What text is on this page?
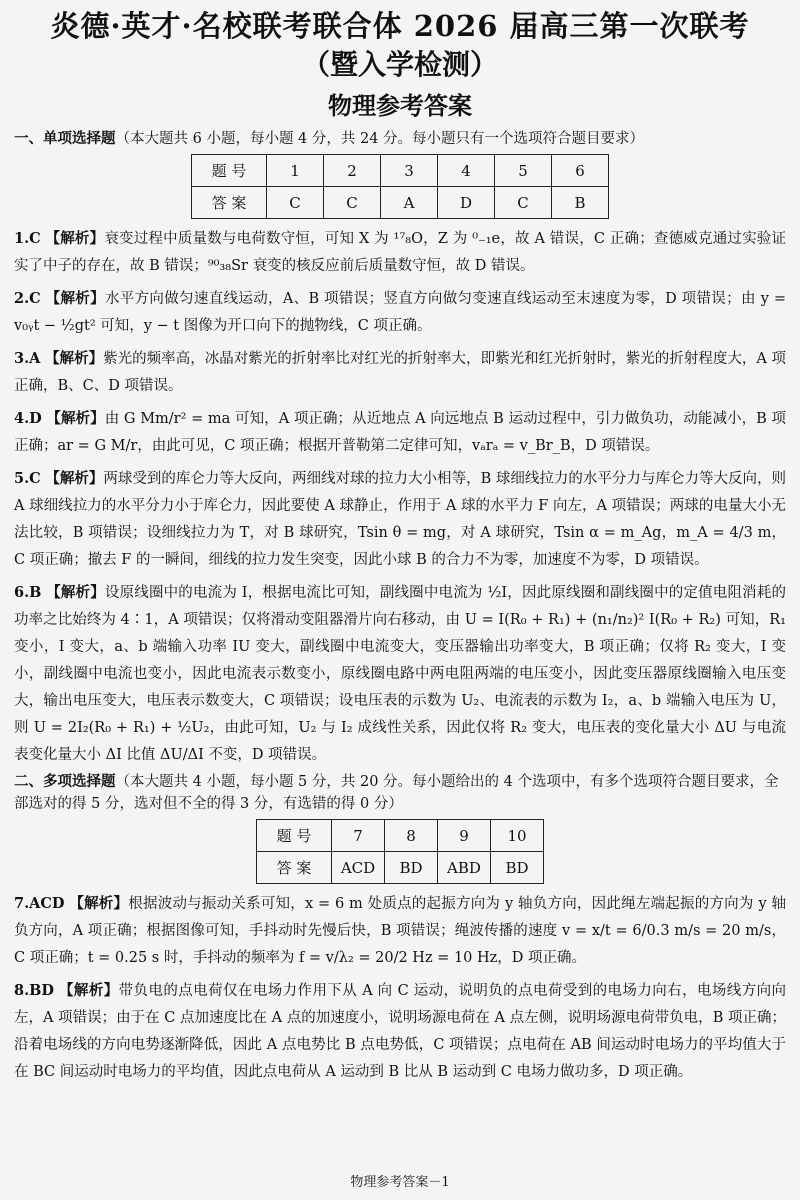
炎德·英才·名校联考联合体 2026 届高三第一次联考
（暨入学检测）
物理参考答案
一、单项选择题（本大题共 6 小题，每小题 4 分，共 24 分。每小题只有一个选项符合题目要求）
题 号	1	2	3	4	5	6
答 案	C	C	A	D	C	B

1.C 【解析】衰变过程中质量数与电荷数守恒，可知 X 为 ¹⁷₈O，Z 为 ⁰₋₁e，故 A 错误，C 正确；查德威克通过实验证实了中子的存在，故 B 错误；⁹⁰₃₈Sr 衰变的核反应前后质量数守恒，故 D 错误。

2.C 【解析】水平方向做匀速直线运动，A、B 项错误；竖直方向做匀变速直线运动至末速度为零，D 项错误；由 y = v₀ᵧt − ½gt² 可知，y − t 图像为开口向下的抛物线，C 项正确。

3.A 【解析】紫光的频率高，冰晶对紫光的折射率比对红光的折射率大，即紫光和红光折射时，紫光的折射程度大，A 项正确，B、C、D 项错误。

4.D 【解析】由 G Mm/r² = ma 可知，A 项正确；从近地点 A 向远地点 B 运动过程中，引力做负功，动能减小，B 项正确；ar = G M/r，由此可见，C 项正确；根据开普勒第二定律可知，vₐrₐ = v_Br_B，D 项错误。

5.C 【解析】两球受到的库仑力等大反向，两细线对球的拉力大小相等，B 球细线拉力的水平分力与库仑力等大反向，则 A 球细线拉力的水平分力小于库仑力，因此要使 A 球静止，作用于 A 球的水平力 F 向左，A 项错误；两球的电量大小无法比较，B 项错误；设细线拉力为 T，对 B 球研究，Tsin θ = mg，对 A 球研究，Tsin α = m_Ag，m_A = 4/3 m，C 项正确；撤去 F 的一瞬间，细线的拉力发生突变，因此小球 B 的合力不为零，加速度不为零，D 项错误。

6.B 【解析】设原线圈中的电流为 I，根据电流比可知，副线圈中电流为 ½I，因此原线圈和副线圈中的定值电阻消耗的功率之比始终为 4∶1，A 项错误；仅将滑动变阻器滑片向右移动，由 U = I(R₀ + R₁) + (n₁/n₂)² I(R₀ + R₂) 可知，R₁ 变小，I 变大，a、b 端输入功率 IU 变大，副线圈中电流变大，变压器输出功率变大，B 项正确；仅将 R₂ 变大，I 变小，副线圈中电流也变小，因此电流表示数变小，原线圈电路中两电阻两端的电压变小，因此变压器原线圈输入电压变大，输出电压变大，电压表示数变大，C 项错误；设电压表的示数为 U₂、电流表的示数为 I₂，a、b 端输入电压为 U，则 U = 2I₂(R₀ + R₁) + ½U₂，由此可知，U₂ 与 I₂ 成线性关系，因此仅将 R₂ 变大，电压表的变化量大小 ΔU 与电流表变化量大小 ΔI 比值 ΔU/ΔI 不变，D 项错误。

二、多项选择题（本大题共 4 小题，每小题 5 分，共 20 分。每小题给出的 4 个选项中，有多个选项符合题目要求，全部选对的得 5 分，选对但不全的得 3 分，有选错的得 0 分）
题 号	7	8	9	10
答 案	ACD	BD	ABD	BD

7.ACD 【解析】根据波动与振动关系可知，x = 6 m 处质点的起振方向为 y 轴负方向，因此绳左端起振的方向为 y 轴负方向，A 项正确；根据图像可知，手抖动时先慢后快，B 项错误；绳波传播的速度 v = x/t = 6/0.3 m/s = 20 m/s，C 项正确；t = 0.25 s 时，手抖动的频率为 f = v/λ₂ = 20/2 Hz = 10 Hz，D 项正确。

8.BD 【解析】带负电的点电荷仅在电场力作用下从 A 向 C 运动，说明负的点电荷受到的电场力向右，电场线方向向左，A 项错误；由于在 C 点加速度比在 A 点的加速度小，说明场源电荷在 A 点左侧，说明场源电荷带负电，B 项正确；沿着电场线的方向电势逐渐降低，因此 A 点电势比 B 点电势低，C 项错误；点电荷在 AB 间运动时电场力的平均值大于在 BC 间运动时电场力的平均值，因此点电荷从 A 运动到 B 比从 B 运动到 C 电场力做功多，D 项正确。

物理参考答案－1
